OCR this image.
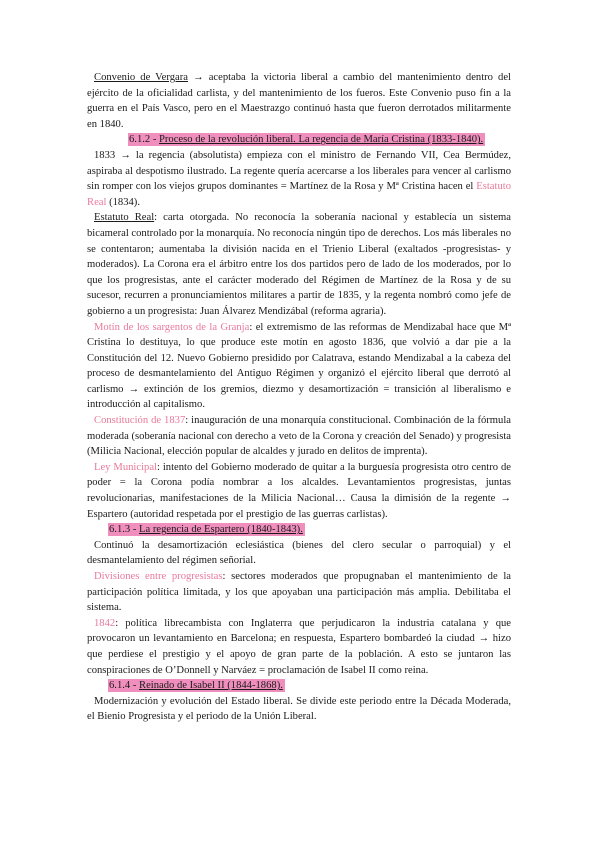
Convenio de Vergara → aceptaba la victoria liberal a cambio del mantenimiento dentro del ejército de la oficialidad carlista, y del mantenimiento de los fueros. Este Convenio puso fin a la guerra en el País Vasco, pero en el Maestrazgo continuó hasta que fueron derrotados militarmente en 1840.

6.1.2 - Proceso de la revolución liberal. La regencia de María Cristina (1833-1840).

1833 → la regencia (absolutista) empieza con el ministro de Fernando VII, Cea Bermúdez, aspiraba al despotismo ilustrado. La regente quería acercarse a los liberales para vencer al carlismo sin romper con los viejos grupos dominantes = Martínez de la Rosa y Mª Cristina hacen el Estatuto Real (1834).

Estatuto Real: carta otorgada. No reconocía la soberanía nacional y establecía un sistema bicameral controlado por la monarquía. No reconocía ningún tipo de derechos. Los más liberales no se contentaron; aumentaba la división nacida en el Trienio Liberal (exaltados -progresistas- y moderados). La Corona era el árbitro entre los dos partidos pero de lado de los moderados, por lo que los progresistas, ante el carácter moderado del Régimen de Martínez de la Rosa y de su sucesor, recurren a pronunciamientos militares a partir de 1835, y la regenta nombró como jefe de gobierno a un progresista: Juan Álvarez Mendizábal (reforma agraria).

Motín de los sargentos de la Granja: el extremismo de las reformas de Mendizabal hace que Mª Cristina lo destituya, lo que produce este motín en agosto 1836, que volvió a dar pie a la Constitución del 12. Nuevo Gobierno presidido por Calatrava, estando Mendizabal a la cabeza del proceso de desmantelamiento del Antiguo Régimen y organizó el ejército liberal que derrotó al carlismo → extinción de los gremios, diezmo y desamortización = transición al liberalismo e introducción al capitalismo.

Constitución de 1837: inauguración de una monarquía constitucional. Combinación de la fórmula moderada (soberanía nacional con derecho a veto de la Corona y creación del Senado) y progresista (Milicia Nacional, elección popular de alcaldes y jurado en delitos de imprenta).

Ley Municipal: intento del Gobierno moderado de quitar a la burguesía progresista otro centro de poder = la Corona podía nombrar a los alcaldes. Levantamientos progresistas, juntas revolucionarias, manifestaciones de la Milicia Nacional… Causa la dimisión de la regente → Espartero (autoridad respetada por el prestigio de las guerras carlistas).

6.1.3 - La regencia de Espartero (1840-1843).

Continuó la desamortización eclesiástica (bienes del clero secular o parroquial) y el desmantelamiento del régimen señorial.

Divisiones entre progresistas: sectores moderados que propugnaban el mantenimiento de la participación política limitada, y los que apoyaban una participación más amplia. Debilitaba el sistema.

1842: política librecambista con Inglaterra que perjudicaron la industria catalana y que provocaron un levantamiento en Barcelona; en respuesta, Espartero bombardeó la ciudad → hizo que perdiese el prestigio y el apoyo de gran parte de la población. A esto se juntaron las conspiraciones de O’Donnell y Narváez = proclamación de Isabel II como reina.

6.1.4 - Reinado de Isabel II (1844-1868).

Modernización y evolución del Estado liberal. Se divide este periodo entre la Década Moderada, el Bienio Progresista y el periodo de la Unión Liberal.
